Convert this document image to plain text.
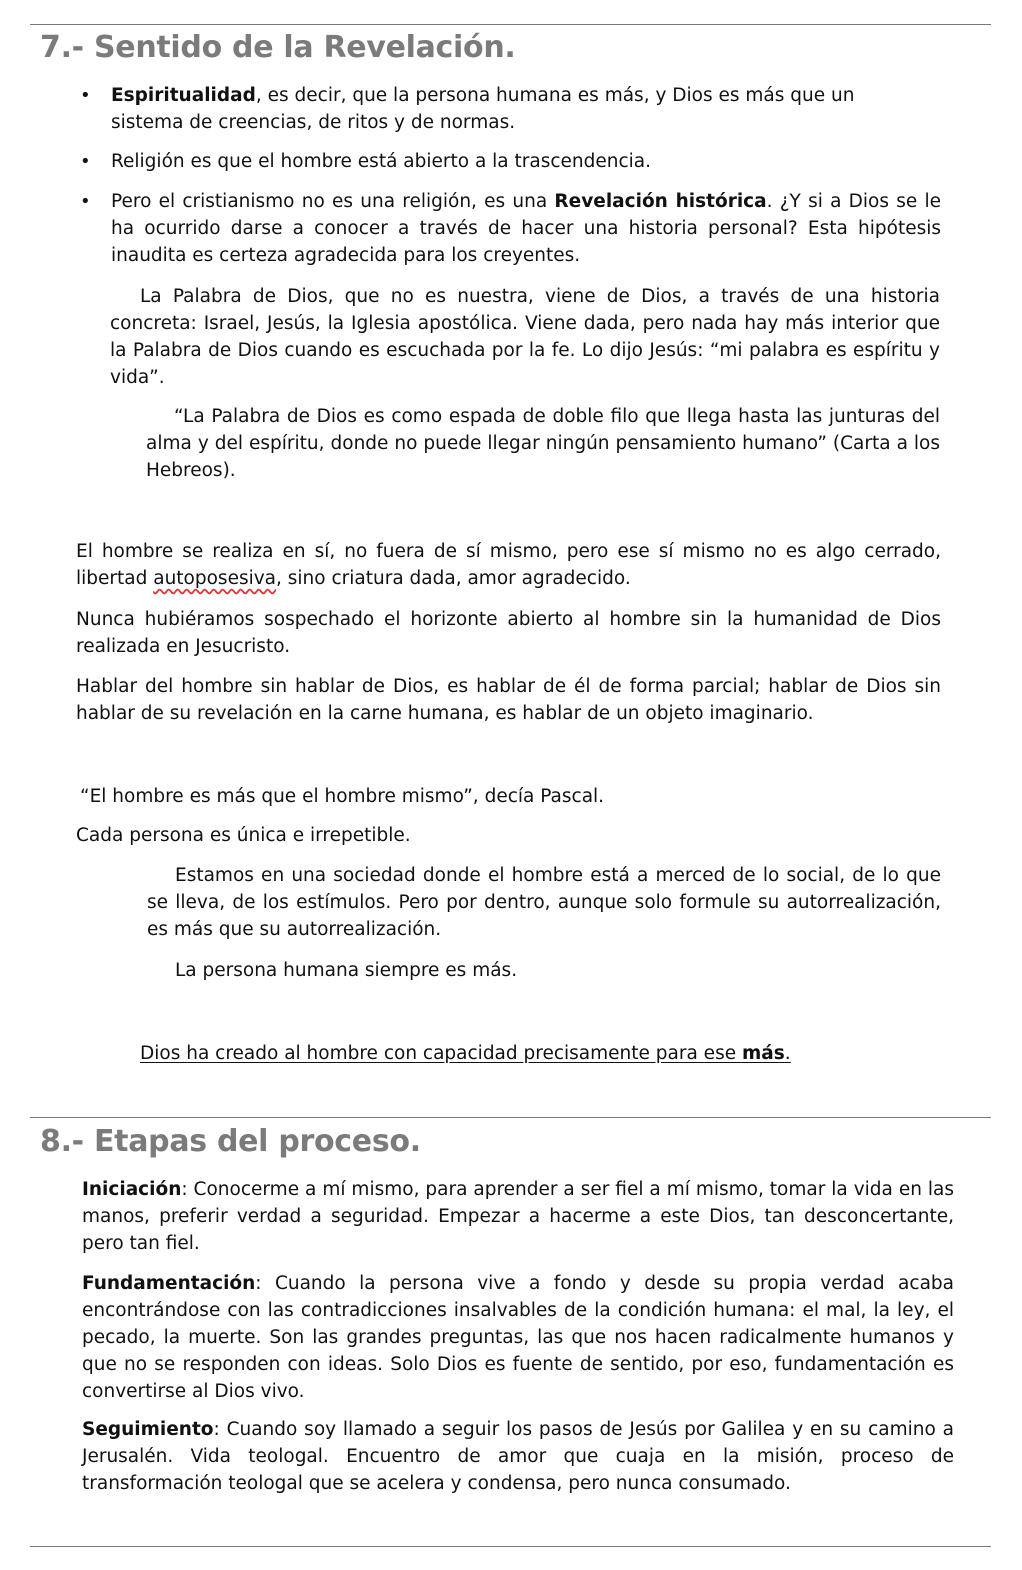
7.- Sentido de la Revelación.
• Espiritualidad, es decir, que la persona humana es más, y Dios es más que un sistema de creencias, de ritos y de normas.

• Religión es que el hombre está abierto a la trascendencia.

• Pero el cristianismo no es una religión, es una Revelación histórica. ¿Y si a Dios se le ha ocurrido darse a conocer a través de hacer una historia personal? Esta hipótesis inaudita es certeza agradecida para los creyentes.

La Palabra de Dios, que no es nuestra, viene de Dios, a través de una historia concreta: Israel, Jesús, la Iglesia apostólica. Viene dada, pero nada hay más interior que la Palabra de Dios cuando es escuchada por la fe. Lo dijo Jesús: “mi palabra es espíritu y vida”.

“La Palabra de Dios es como espada de doble filo que llega hasta las junturas del alma y del espíritu, donde no puede llegar ningún pensamiento humano” (Carta a los Hebreos).

El hombre se realiza en sí, no fuera de sí mismo, pero ese sí mismo no es algo cerrado, libertad autoposesiva, sino criatura dada, amor agradecido.

Nunca hubiéramos sospechado el horizonte abierto al hombre sin la humanidad de Dios realizada en Jesucristo.

Hablar del hombre sin hablar de Dios, es hablar de él de forma parcial; hablar de Dios sin hablar de su revelación en la carne humana, es hablar de un objeto imaginario.

“El hombre es más que el hombre mismo”, decía Pascal.

Cada persona es única e irrepetible.

Estamos en una sociedad donde el hombre está a merced de lo social, de lo que se lleva, de los estímulos. Pero por dentro, aunque solo formule su autorrealización, es más que su autorrealización.

La persona humana siempre es más.

Dios ha creado al hombre con capacidad precisamente para ese más.

8.- Etapas del proceso.

Iniciación: Conocerme a mí mismo, para aprender a ser fiel a mí mismo, tomar la vida en las manos, preferir verdad a seguridad. Empezar a hacerme a este Dios, tan desconcertante, pero tan fiel.

Fundamentación: Cuando la persona vive a fondo y desde su propia verdad acaba encontrándose con las contradicciones insalvables de la condición humana: el mal, la ley, el pecado, la muerte. Son las grandes preguntas, las que nos hacen radicalmente humanos y que no se responden con ideas. Solo Dios es fuente de sentido, por eso, fundamentación es convertirse al Dios vivo.

Seguimiento: Cuando soy llamado a seguir los pasos de Jesús por Galilea y en su camino a Jerusalén. Vida teologal. Encuentro de amor que cuaja en la misión, proceso de transformación teologal que se acelera y condensa, pero nunca consumado.
